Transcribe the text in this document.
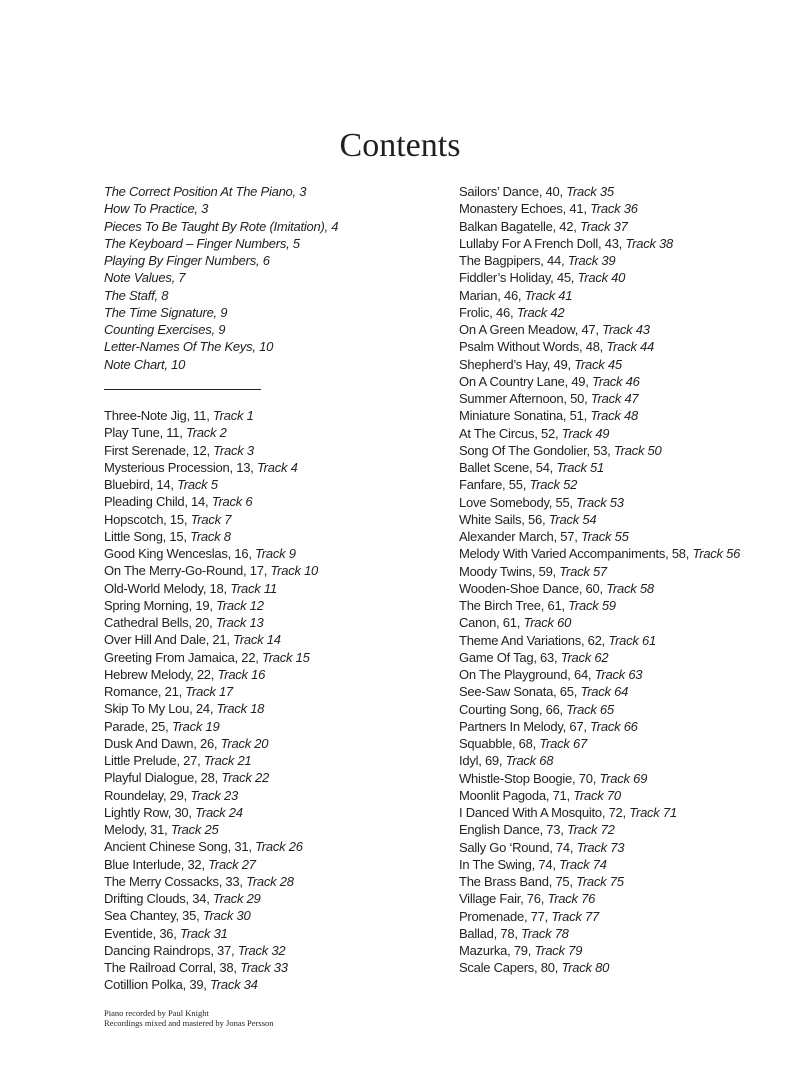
Contents
The Correct Position At The Piano, 3
How To Practice, 3
Pieces To Be Taught By Rote (Imitation), 4
The Keyboard – Finger Numbers, 5
Playing By Finger Numbers, 6
Note Values, 7
The Staff, 8
The Time Signature, 9
Counting Exercises, 9
Letter-Names Of The Keys, 10
Note Chart, 10
Three-Note Jig, 11, Track 1
Play Tune, 11, Track 2
First Serenade, 12, Track 3
Mysterious Procession, 13, Track 4
Bluebird, 14, Track 5
Pleading Child, 14, Track 6
Hopscotch, 15, Track 7
Little Song, 15, Track 8
Good King Wenceslas, 16, Track 9
On The Merry-Go-Round, 17, Track 10
Old-World Melody, 18, Track 11
Spring Morning, 19, Track 12
Cathedral Bells, 20, Track 13
Over Hill And Dale, 21, Track 14
Greeting From Jamaica, 22, Track 15
Hebrew Melody, 22, Track 16
Romance, 21, Track 17
Skip To My Lou, 24, Track 18
Parade, 25, Track 19
Dusk And Dawn, 26, Track 20
Little Prelude, 27, Track 21
Playful Dialogue, 28, Track 22
Roundelay, 29, Track 23
Lightly Row, 30, Track 24
Melody, 31, Track 25
Ancient Chinese Song, 31, Track 26
Blue Interlude, 32, Track 27
The Merry Cossacks, 33, Track 28
Drifting Clouds, 34, Track 29
Sea Chantey, 35, Track 30
Eventide, 36, Track 31
Dancing Raindrops, 37, Track 32
The Railroad Corral, 38, Track 33
Cotillion Polka, 39, Track 34
Sailors’ Dance, 40, Track 35
Monastery Echoes, 41, Track 36
Balkan Bagatelle, 42, Track 37
Lullaby For A French Doll, 43, Track 38
The Bagpipers, 44, Track 39
Fiddler’s Holiday, 45, Track 40
Marian, 46, Track 41
Frolic, 46, Track 42
On A Green Meadow, 47, Track 43
Psalm Without Words, 48, Track 44
Shepherd’s Hay, 49, Track 45
On A Country Lane, 49, Track 46
Summer Afternoon, 50, Track 47
Miniature Sonatina, 51, Track 48
At The Circus, 52, Track 49
Song Of The Gondolier, 53, Track 50
Ballet Scene, 54, Track 51
Fanfare, 55, Track 52
Love Somebody, 55, Track 53
White Sails, 56, Track 54
Alexander March, 57, Track 55
Melody With Varied Accompaniments, 58, Track 56
Moody Twins, 59, Track 57
Wooden-Shoe Dance, 60, Track 58
The Birch Tree, 61, Track 59
Canon, 61, Track 60
Theme And Variations, 62, Track 61
Game Of Tag, 63, Track 62
On The Playground, 64, Track 63
See-Saw Sonata, 65, Track 64
Courting Song, 66, Track 65
Partners In Melody, 67, Track 66
Squabble, 68, Track 67
Idyl, 69, Track 68
Whistle-Stop Boogie, 70, Track 69
Moonlit Pagoda, 71, Track 70
I Danced With A Mosquito, 72, Track 71
English Dance, 73, Track 72
Sally Go ‘Round, 74, Track 73
In The Swing, 74, Track 74
The Brass Band, 75, Track 75
Village Fair, 76, Track 76
Promenade, 77, Track 77
Ballad, 78, Track 78
Mazurka, 79, Track 79
Scale Capers, 80, Track 80
Piano recorded by Paul Knight
Recordings mixed and mastered by Jonas Persson
